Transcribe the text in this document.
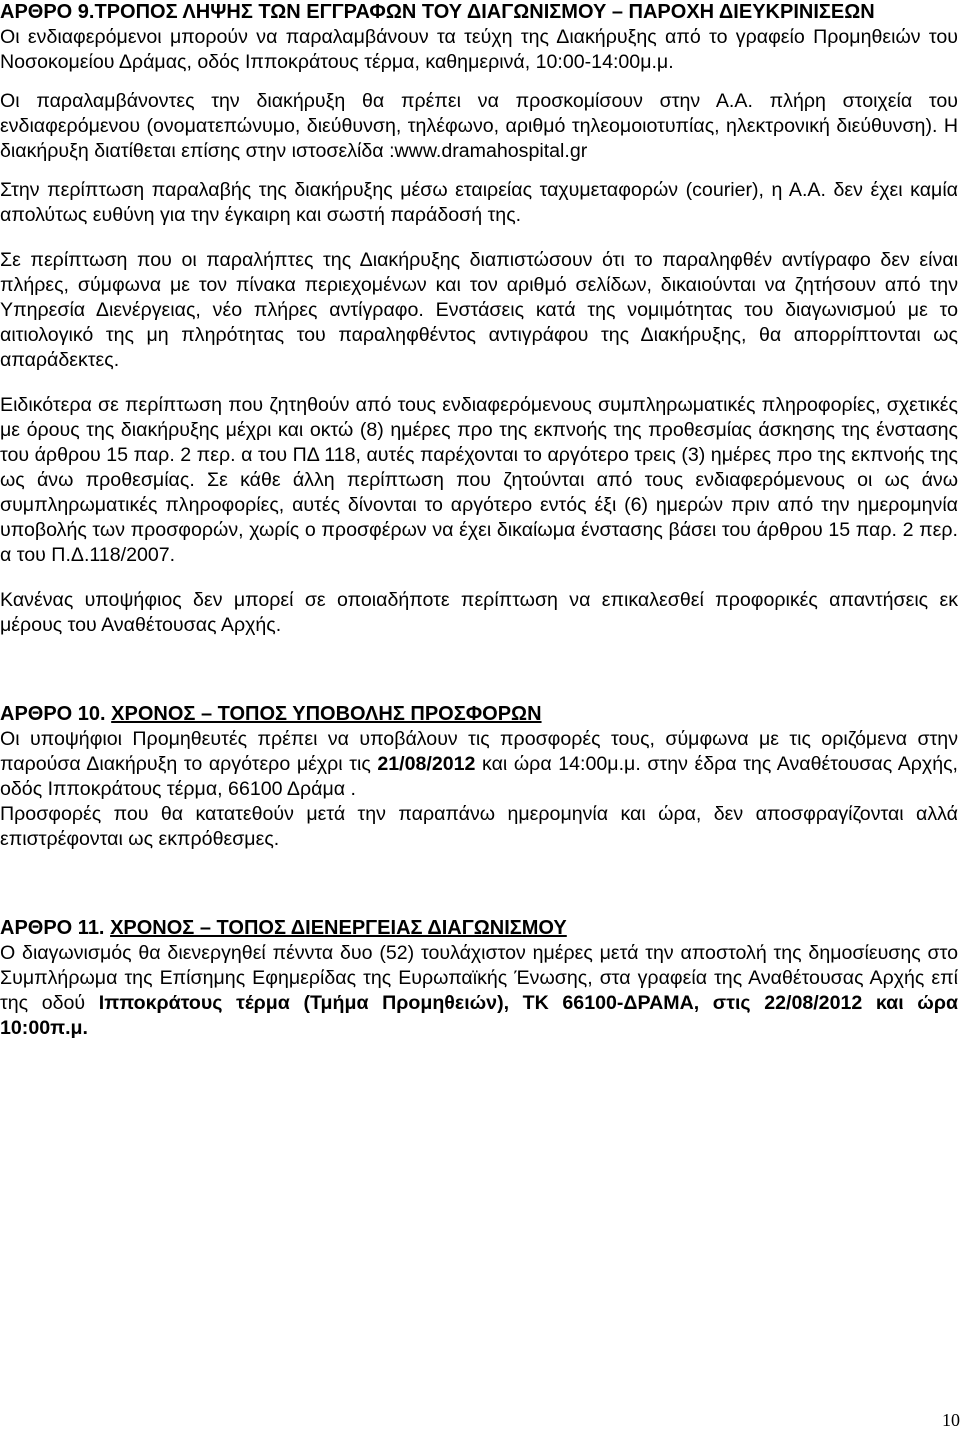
ΑΡΘΡΟ 9.ΤΡΟΠΟΣ ΛΗΨΗΣ ΤΩΝ ΕΓΓΡΑΦΩΝ ΤΟΥ ΔΙΑΓΩΝΙΣΜΟΥ – ΠΑΡΟΧΗ ΔΙΕΥΚΡΙΝΙΣΕΩΝ

Οι ενδιαφερόμενοι μπορούν να παραλαμβάνουν τα τεύχη της Διακήρυξης από το γραφείο Προμηθειών του Νοσοκομείου Δράμας, οδός Ιπποκράτους τέρμα, καθημερινά, 10:00-14:00μ.μ.

Οι παραλαμβάνοντες την διακήρυξη θα πρέπει να προσκομίσουν στην Α.Α. πλήρη στοιχεία του ενδιαφερόμενου (ονοματεπώνυμο, διεύθυνση, τηλέφωνο, αριθμό τηλεομοιοτυπίας, ηλεκτρονική διεύθυνση). Η διακήρυξη διατίθεται επίσης στην ιστοσελίδα :www.dramahospital.gr

Στην περίπτωση παραλαβής της διακήρυξης μέσω εταιρείας ταχυμεταφορών (courier), η Α.Α. δεν έχει καμία απολύτως ευθύνη για την έγκαιρη και σωστή παράδοσή της.

Σε περίπτωση που οι παραλήπτες της Διακήρυξης διαπιστώσουν ότι το παραληφθέν αντίγραφο δεν είναι πλήρες, σύμφωνα με τον πίνακα περιεχομένων και τον αριθμό σελίδων, δικαιούνται να ζητήσουν από την Υπηρεσία Διενέργειας, νέο πλήρες αντίγραφο. Ενστάσεις κατά της νομιμότητας του διαγωνισμού με το αιτιολογικό της μη πληρότητας του παραληφθέντος αντιγράφου της Διακήρυξης, θα απορρίπτονται ως απαράδεκτες.

Ειδικότερα σε περίπτωση που ζητηθούν από τους ενδιαφερόμενους συμπληρωματικές πληροφορίες, σχετικές με όρους της διακήρυξης μέχρι και οκτώ (8) ημέρες προ της εκπνοής της προθεσμίας άσκησης της ένστασης του άρθρου 15 παρ. 2 περ. α του ΠΔ 118, αυτές παρέχονται το αργότερο τρεις (3) ημέρες προ της εκπνοής της ως άνω προθεσμίας. Σε κάθε άλλη περίπτωση που ζητούνται από τους ενδιαφερόμενους οι ως άνω συμπληρωματικές πληροφορίες, αυτές δίνονται το αργότερο εντός έξι (6) ημερών πριν από την ημερομηνία υποβολής των προσφορών, χωρίς ο προσφέρων να έχει δικαίωμα ένστασης βάσει του άρθρου 15 παρ. 2 περ. α του Π.Δ.118/2007.

Κανένας υποψήφιος δεν μπορεί σε οποιαδήποτε περίπτωση να επικαλεσθεί προφορικές απαντήσεις εκ μέρους του Αναθέτουσας Αρχής.

ΑΡΘΡΟ 10. ΧΡΟΝΟΣ – ΤΟΠΟΣ ΥΠΟΒΟΛΗΣ ΠΡΟΣΦΟΡΩΝ

Οι υποψήφιοι Προμηθευτές πρέπει να υποβάλουν τις προσφορές τους, σύμφωνα με τις οριζόμενα στην παρούσα Διακήρυξη το αργότερο μέχρι τις 21/08/2012 και ώρα 14:00μ.μ. στην έδρα της Αναθέτουσας Αρχής, οδός Ιπποκράτους τέρμα, 66100 Δράμα .

Προσφορές που θα κατατεθούν μετά την παραπάνω ημερομηνία και ώρα, δεν αποσφραγίζονται αλλά επιστρέφονται ως εκπρόθεσμες.

ΑΡΘΡΟ 11. ΧΡΟΝΟΣ – ΤΟΠΟΣ ΔΙΕΝΕΡΓΕΙΑΣ ΔΙΑΓΩΝΙΣΜΟΥ

Ο διαγωνισμός θα διενεργηθεί πένντα δυο (52) τουλάχιστον ημέρες μετά την αποστολή της δημοσίευσης στο Συμπλήρωμα της Επίσημης Εφημερίδας της Ευρωπαϊκής Ένωσης, στα γραφεία της Αναθέτουσας Αρχής επί της οδού Ιπποκράτους τέρμα (Τμήμα Προμηθειών), ΤΚ 66100-ΔΡΑΜΑ, στις 22/08/2012 και ώρα 10:00π.μ.

10
